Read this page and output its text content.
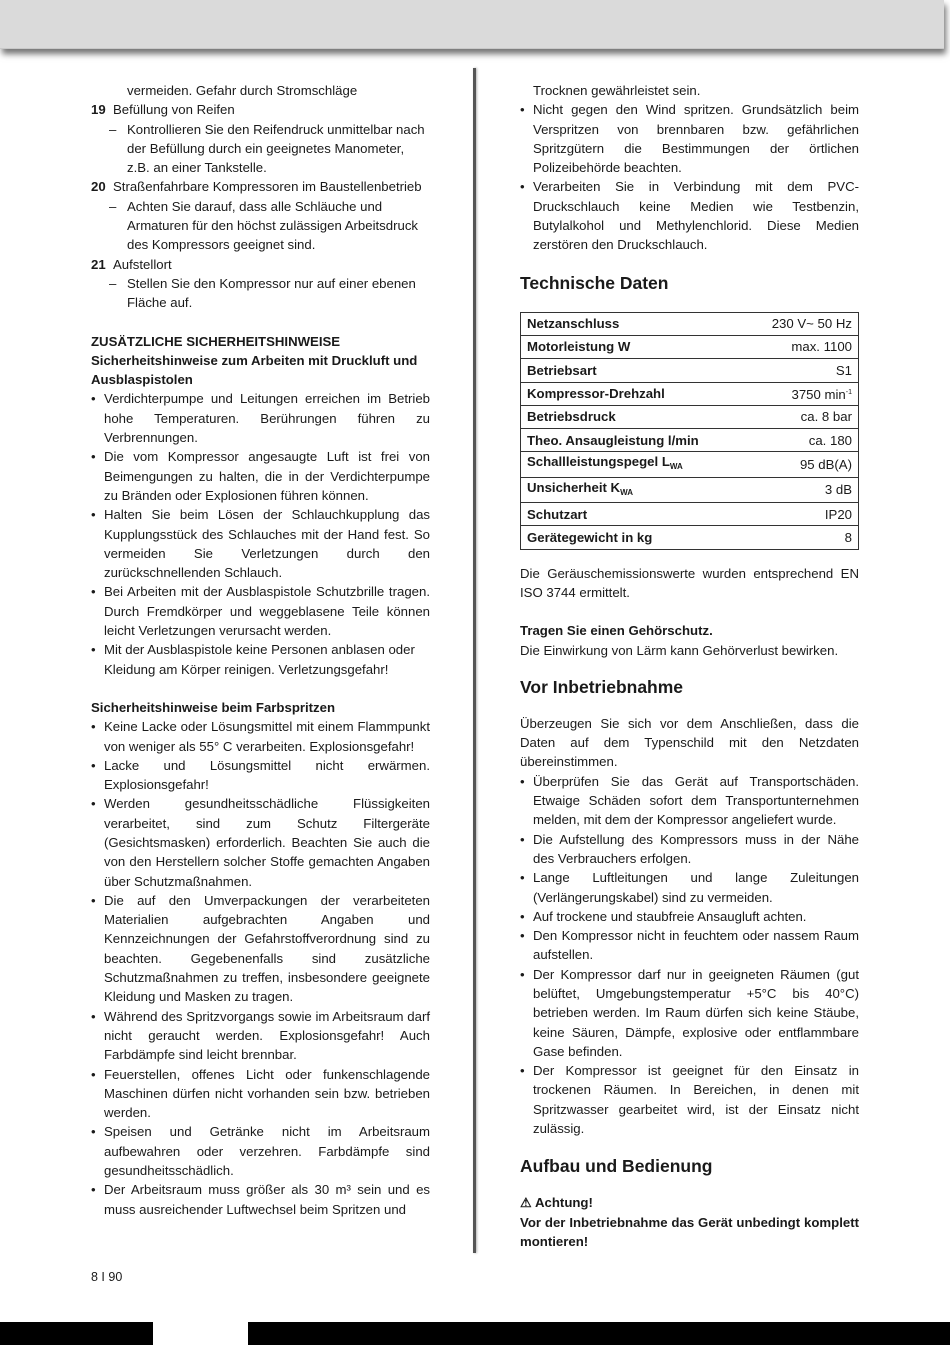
vermeiden. Gefahr durch Stromschläge

19 Befüllung von Reifen
– Kontrollieren Sie den Reifendruck unmittelbar nach der Befüllung durch ein geeignetes Manometer, z.B. an einer Tankstelle.
20 Straßenfahrbare Kompressoren im Baustellenbetrieb
– Achten Sie darauf, dass alle Schläuche und Armaturen für den höchst zulässigen Arbeitsdruck des Kompressors geeignet sind.
21 Aufstellort
– Stellen Sie den Kompressor nur auf einer ebenen Fläche auf.

ZUSÄTZLICHE SICHERHEITSHINWEISE

Sicherheitshinweise zum Arbeiten mit Druckluft und Ausblaspistolen

• Verdichterpumpe und Leitungen erreichen im Betrieb hohe Temperaturen. Berührungen führen zu Verbrennungen.
• Die vom Kompressor angesaugte Luft ist frei von Beimengungen zu halten, die in der Verdichterpumpe zu Bränden oder Explosionen führen können.
• Halten Sie beim Lösen der Schlauchkupplung das Kupplungsstück des Schlauches mit der Hand fest. So vermeiden Sie Verletzungen durch den zurückschnellenden Schlauch.
• Bei Arbeiten mit der Ausblaspistole Schutzbrille tragen. Durch Fremdkörper und weggeblasene Teile können leicht Verletzungen verursacht werden.
• Mit der Ausblaspistole keine Personen anblasen oder Kleidung am Körper reinigen. Verletzungsgefahr!

Sicherheitshinweise beim Farbspritzen

• Keine Lacke oder Lösungsmittel mit einem Flammpunkt von weniger als 55° C verarbeiten. Explosionsgefahr!
• Lacke und Lösungsmittel nicht erwärmen. Explosionsgefahr!
• Werden gesundheitsschädliche Flüssigkeiten verarbeitet, sind zum Schutz Filtergeräte (Gesichtsmasken) erforderlich. Beachten Sie auch die von den Herstellern solcher Stoffe gemachten Angaben über Schutzmaßnahmen.
• Die auf den Umverpackungen der verarbeiteten Materialien aufgebrachten Angaben und Kennzeichnungen der Gefahrstoffverordnung sind zu beachten. Gegebenenfalls sind zusätzliche Schutzmaßnahmen zu treffen, insbesondere geeignete Kleidung und Masken zu tragen.
• Während des Spritzvorgangs sowie im Arbeitsraum darf nicht geraucht werden. Explosionsgefahr! Auch Farbdämpfe sind leicht brennbar.
• Feuerstellen, offenes Licht oder funkenschlagende Maschinen dürfen nicht vorhanden sein bzw. betrieben werden.
• Speisen und Getränke nicht im Arbeitsraum aufbewahren oder verzehren. Farbdämpfe sind gesundheitsschädlich.
• Der Arbeitsraum muss größer als 30 m³ sein und es muss ausreichender Luftwechsel beim Spritzen und

Trocknen gewährleistet sein.

• Nicht gegen den Wind spritzen. Grundsätzlich beim Verspritzen von brennbaren bzw. gefährlichen Spritzgütern die Bestimmungen der örtlichen Polizeibehörde beachten.
• Verarbeiten Sie in Verbindung mit dem PVC-Druckschlauch keine Medien wie Testbenzin, Butylalkohol und Methylenchlorid. Diese Medien zerstören den Druckschlauch.
Technische Daten
Netzanschluss	230 V~ 50 Hz
Motorleistung W	max. 1100
Betriebsart	S1
Kompressor-Drehzahl	3750 $\min^{-1}$
Betriebsdruck	ca. 8 bar
Theo. Ansaugleistung l/min	ca. 180
Schallleistungspegel $L_{WA}$	95 dB(A)
Unsicherheit $K_{WA}$	3 dB
Schutzart	IP20
Gerätegewicht in kg	8

Die Geräuschemissionswerte wurden entsprechend EN ISO 3744 ermittelt.

Tragen Sie einen Gehörschutz.

Die Einwirkung von Lärm kann Gehörverlust bewirken.

Vor Inbetriebnahme

Überzeugen Sie sich vor dem Anschließen, dass die Daten auf dem Typenschild mit den Netzdaten übereinstimmen.

• Überprüfen Sie das Gerät auf Transportschäden. Etwaige Schäden sofort dem Transportunternehmen melden, mit dem der Kompressor angeliefert wurde.
• Die Aufstellung des Kompressors muss in der Nähe des Verbrauchers erfolgen.
• Lange Luftleitungen und lange Zuleitungen (Verlängerungskabel) sind zu vermeiden.
• Auf trockene und staubfreie Ansaugluft achten.
• Den Kompressor nicht in feuchtem oder nassem Raum aufstellen.
• Der Kompressor darf nur in geeigneten Räumen (gut belüftet, Umgebungstemperatur +5°C bis 40°C) betrieben werden. Im Raum dürfen sich keine Stäube, keine Säuren, Dämpfe, explosive oder entflammbare Gase befinden.
• Der Kompressor ist geeignet für den Einsatz in trockenen Räumen. In Bereichen, in denen mit Spritzwasser gearbeitet wird, ist der Einsatz nicht zulässig.
Aufbau und Bedienung

⚠ Achtung!

Vor der Inbetriebnahme das Gerät unbedingt komplett montieren!

8 I 90
